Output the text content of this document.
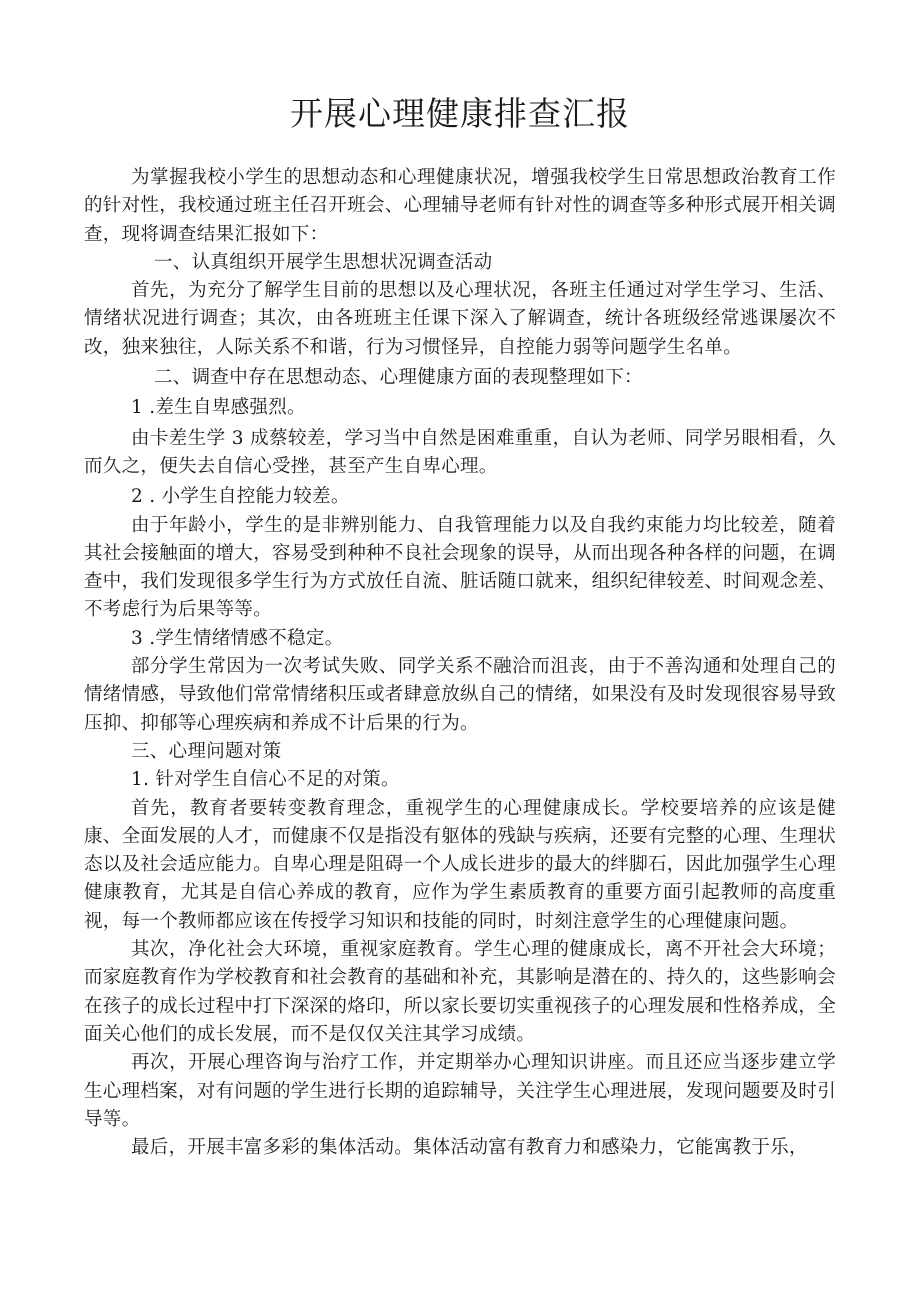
开展心理健康排查汇报

为掌握我校小学生的思想动态和心理健康状况，增强我校学生日常思想政治教育工作的针对性，我校通过班主任召开班会、心理辅导老师有针对性的调查等多种形式展开相关调查，现将调查结果汇报如下：

一、认真组织开展学生思想状况调查活动

首先，为充分了解学生目前的思想以及心理状况，各班主任通过对学生学习、生活、情绪状况进行调查；其次，由各班班主任课下深入了解调查，统计各班级经常逃课屡次不改，独来独往，人际关系不和谐，行为习惯怪异，自控能力弱等问题学生名单。

二、调查中存在思想动态、心理健康方面的表现整理如下：

1 .差生自卑感强烈。

由卡差生学 3 成蔡较差，学习当中自然是困难重重，自认为老师、同学另眼相看，久而久之，便失去自信心受挫，甚至产生自卑心理。

2 . 小学生自控能力较差。

由于年龄小，学生的是非辨别能力、自我管理能力以及自我约束能力均比较差，随着其社会接触面的增大，容易受到种种不良社会现象的误导，从而出现各种各样的问题，在调查中，我们发现很多学生行为方式放任自流、脏话随口就来，组织纪律较差、时间观念差、不考虑行为后果等等。

3 .学生情绪情感不稳定。

部分学生常因为一次考试失败、同学关系不融洽而沮丧，由于不善沟通和处理自己的情绪情感，导致他们常常情绪积压或者肆意放纵自己的情绪，如果没有及时发现很容易导致压抑、抑郁等心理疾病和养成不计后果的行为。

三、心理问题对策

1. 针对学生自信心不足的对策。

首先，教育者要转变教育理念，重视学生的心理健康成长。学校要培养的应该是健康、全面发展的人才，而健康不仅是指没有躯体的残缺与疾病，还要有完整的心理、生理状态以及社会适应能力。自卑心理是阻碍一个人成长进步的最大的绊脚石，因此加强学生心理健康教育，尤其是自信心养成的教育，应作为学生素质教育的重要方面引起教师的高度重视，每一个教师都应该在传授学习知识和技能的同时，时刻注意学生的心理健康问题。

其次，净化社会大环境，重视家庭教育。学生心理的健康成长，离不开社会大环境；而家庭教育作为学校教育和社会教育的基础和补充，其影响是潜在的、持久的，这些影响会在孩子的成长过程中打下深深的烙印，所以家长要切实重视孩子的心理发展和性格养成，全面关心他们的成长发展，而不是仅仅关注其学习成绩。

再次，开展心理咨询与治疗工作，并定期举办心理知识讲座。而且还应当逐步建立学生心理档案，对有问题的学生进行长期的追踪辅导，关注学生心理进展，发现问题要及时引导等。

最后，开展丰富多彩的集体活动。集体活动富有教育力和感染力，它能寓教于乐，
